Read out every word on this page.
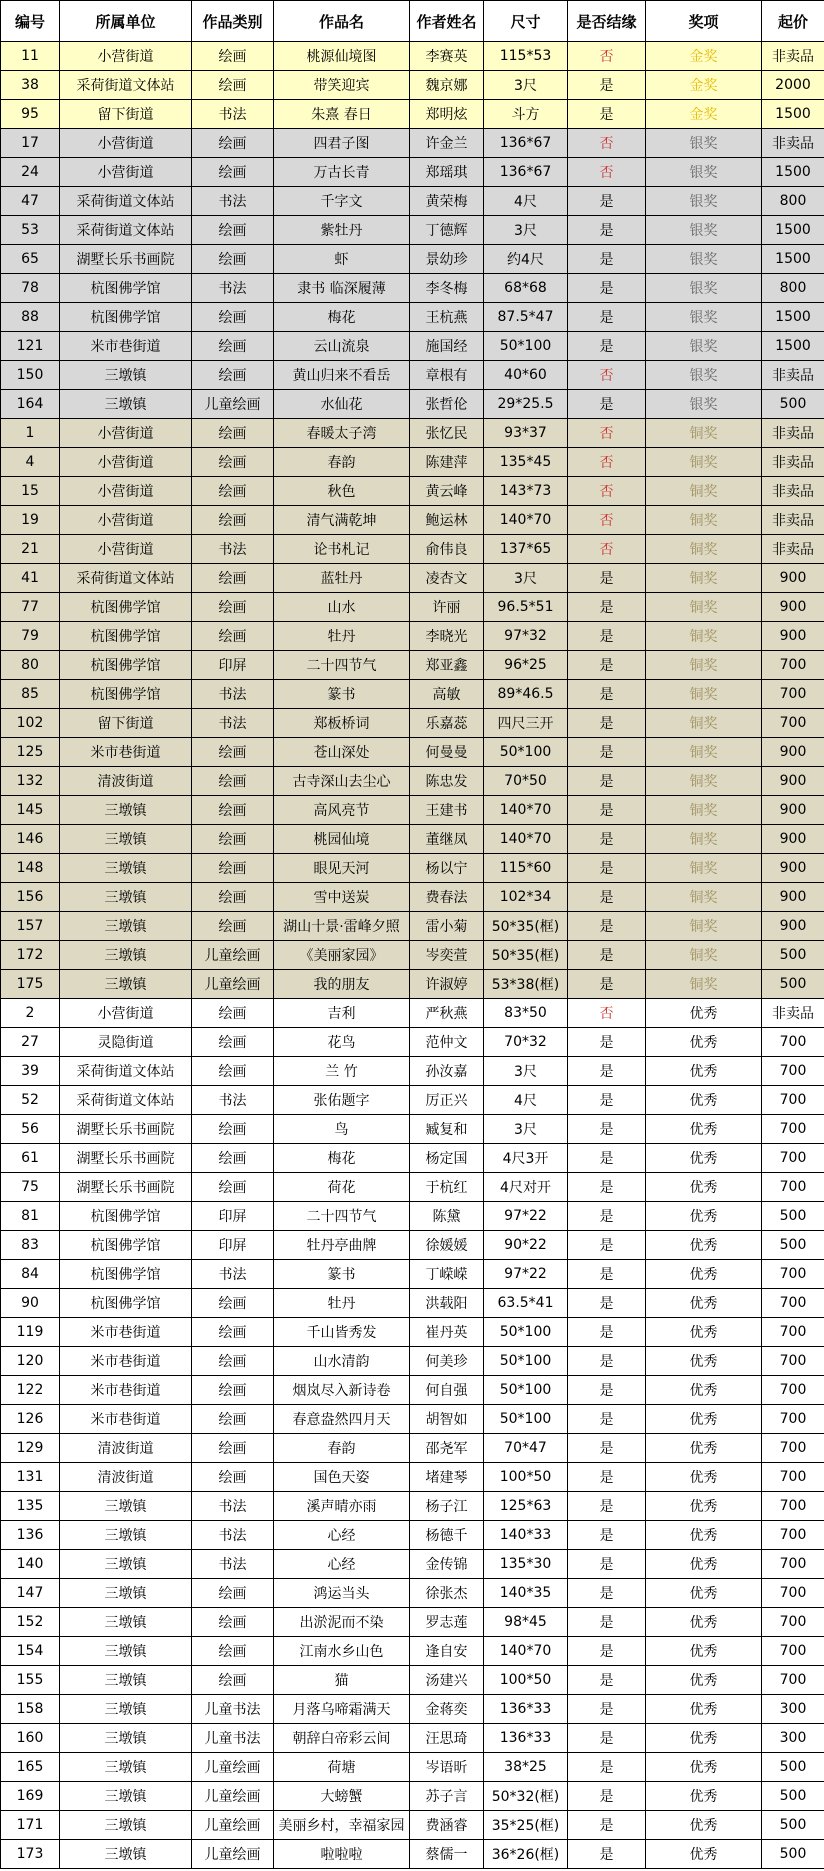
编号	所属单位	作品类别	作品名	作者姓名	尺寸	是否结缘	奖项	起价
11	小营街道	绘画	桃源仙境图	李赛英	115*53	否	金奖	非卖品
38	采荷街道文体站	绘画	带笑迎宾	魏京娜	3尺	是	金奖	2000
95	留下街道	书法	朱熹 春日	郑明炫	斗方	是	金奖	1500
17	小营街道	绘画	四君子图	许金兰	136*67	否	银奖	非卖品
24	小营街道	绘画	万古长青	郑瑶琪	136*67	否	银奖	1500
47	采荷街道文体站	书法	千字文	黄荣梅	4尺	是	银奖	800
53	采荷街道文体站	绘画	紫牡丹	丁德辉	3尺	是	银奖	1500
65	湖墅长乐书画院	绘画	虾	景幼珍	约4尺	是	银奖	1500
78	杭图佛学馆	书法	隶书 临深履薄	李冬梅	68*68	是	银奖	800
88	杭图佛学馆	绘画	梅花	王杭燕	87.5*47	是	银奖	1500
121	米市巷街道	绘画	云山流泉	施国经	50*100	是	银奖	1500
150	三墩镇	绘画	黄山归来不看岳	章根有	40*60	否	银奖	非卖品
164	三墩镇	儿童绘画	水仙花	张哲伦	29*25.5	是	银奖	500
1	小营街道	绘画	春暖太子湾	张忆民	93*37	否	铜奖	非卖品
4	小营街道	绘画	春韵	陈建萍	135*45	否	铜奖	非卖品
15	小营街道	绘画	秋色	黄云峰	143*73	否	铜奖	非卖品
19	小营街道	绘画	清气满乾坤	鲍运林	140*70	否	铜奖	非卖品
21	小营街道	书法	论书札记	俞伟良	137*65	否	铜奖	非卖品
41	采荷街道文体站	绘画	蓝牡丹	凌杏文	3尺	是	铜奖	900
77	杭图佛学馆	绘画	山水	许丽	96.5*51	是	铜奖	900
79	杭图佛学馆	绘画	牡丹	李晓光	97*32	是	铜奖	900
80	杭图佛学馆	印屏	二十四节气	郑亚鑫	96*25	是	铜奖	700
85	杭图佛学馆	书法	篆书	高敏	89*46.5	是	铜奖	700
102	留下街道	书法	郑板桥词	乐嘉蕊	四尺三开	是	铜奖	700
125	米市巷街道	绘画	苍山深处	何曼曼	50*100	是	铜奖	900
132	清波街道	绘画	古寺深山去尘心	陈忠发	70*50	是	铜奖	900
145	三墩镇	绘画	高风亮节	王建书	140*70	是	铜奖	900
146	三墩镇	绘画	桃园仙境	董继凤	140*70	是	铜奖	900
148	三墩镇	绘画	眼见天河	杨以宁	115*60	是	铜奖	900
156	三墩镇	绘画	雪中送炭	费春法	102*34	是	铜奖	900
157	三墩镇	绘画	湖山十景·雷峰夕照	雷小菊	50*35(框)	是	铜奖	900
172	三墩镇	儿童绘画	《美丽家园》	岑奕萱	50*35(框)	是	铜奖	500
175	三墩镇	儿童绘画	我的朋友	许淑婷	53*38(框)	是	铜奖	500
2	小营街道	绘画	吉利	严秋燕	83*50	否	优秀	非卖品
27	灵隐街道	绘画	花鸟	范仲文	70*32	是	优秀	700
39	采荷街道文体站	绘画	兰 竹	孙汝嘉	3尺	是	优秀	700
52	采荷街道文体站	书法	张佑题字	厉正兴	4尺	是	优秀	700
56	湖墅长乐书画院	绘画	鸟	臧复和	3尺	是	优秀	700
61	湖墅长乐书画院	绘画	梅花	杨定国	4尺3开	是	优秀	700
75	湖墅长乐书画院	绘画	荷花	于杭红	4尺对开	是	优秀	700
81	杭图佛学馆	印屏	二十四节气	陈黛	97*22	是	优秀	500
83	杭图佛学馆	印屏	牡丹亭曲牌	徐媛媛	90*22	是	优秀	500
84	杭图佛学馆	书法	篆书	丁嵘嵘	97*22	是	优秀	700
90	杭图佛学馆	绘画	牡丹	洪载阳	63.5*41	是	优秀	700
119	米市巷街道	绘画	千山皆秀发	崔丹英	50*100	是	优秀	700
120	米市巷街道	绘画	山水清韵	何美珍	50*100	是	优秀	700
122	米市巷街道	绘画	烟岚尽入新诗卷	何自强	50*100	是	优秀	700
126	米市巷街道	绘画	春意盎然四月天	胡智如	50*100	是	优秀	700
129	清波街道	绘画	春韵	邵尧军	70*47	是	优秀	700
131	清波街道	绘画	国色天姿	堵建琴	100*50	是	优秀	700
135	三墩镇	书法	溪声晴亦雨	杨子江	125*63	是	优秀	700
136	三墩镇	书法	心经	杨德千	140*33	是	优秀	700
140	三墩镇	书法	心经	金传锦	135*30	是	优秀	700
147	三墩镇	绘画	鸿运当头	徐张杰	140*35	是	优秀	700
152	三墩镇	绘画	出淤泥而不染	罗志莲	98*45	是	优秀	700
154	三墩镇	绘画	江南水乡山色	逢自安	140*70	是	优秀	700
155	三墩镇	绘画	猫	汤建兴	100*50	是	优秀	700
158	三墩镇	儿童书法	月落乌啼霜满天	金蒋奕	136*33	是	优秀	300
160	三墩镇	儿童书法	朝辞白帝彩云间	汪思琦	136*33	是	优秀	300
165	三墩镇	儿童绘画	荷塘	岑语昕	38*25	是	优秀	500
169	三墩镇	儿童绘画	大螃蟹	苏子言	50*32(框)	是	优秀	500
171	三墩镇	儿童绘画	美丽乡村，幸福家园	费涵睿	35*25(框)	是	优秀	500
173	三墩镇	儿童绘画	啦啦啦	蔡儒一	36*26(框)	是	优秀	500
